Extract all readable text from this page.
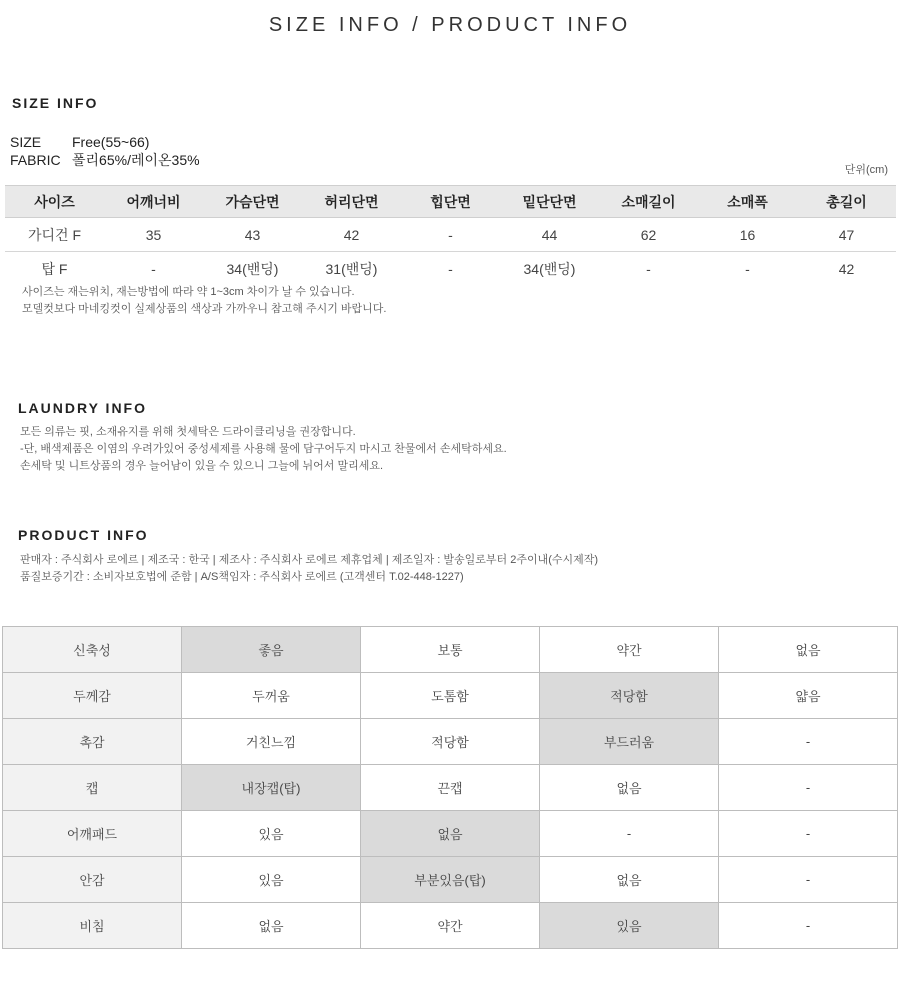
SIZE INFO / PRODUCT INFO
SIZE INFO
SIZE Free(55~66)
FABRIC 폴리65%/레이온35%
단위(cm)
사이즈	어깨너비	가슴단면	허리단면	힙단면	밑단단면	소매길이	소매폭	총길이
가디건 F	35	43	42	-	44	62	16	47
탑 F	-	34(밴딩)	31(밴딩)	-	34(밴딩)	-	-	42
사이즈는 재는위치, 재는방법에 따라 약 1~3cm 차이가 날 수 있습니다.
모델컷보다 마네킹컷이 실제상품의 색상과 가까우니 참고해 주시기 바랍니다.
LAUNDRY INFO
모든 의류는 핏, 소재유지를 위해 첫세탁은 드라이클리닝을 권장합니다.
-단, 배색제품은 이염의 우려가있어 중성세제를 사용해 물에 담구어두지 마시고 찬물에서 손세탁하세요.
손세탁 및 니트상품의 경우 늘어남이 있을 수 있으니 그늘에 뉘어서 말리세요.
PRODUCT INFO
판매자 : 주식회사 로에르 | 제조국 : 한국 | 제조사 : 주식회사 로에르 제휴업체 | 제조일자 : 발송일로부터 2주이내(수시제작)
품질보증기간 : 소비자보호법에 준함 | A/S책임자 : 주식회사 로에르 (고객센터 T.02-448-1227)
신축성	좋음	보통	약간	없음
두께감	두꺼움	도톰함	적당함	얇음
촉감	거친느낌	적당함	부드러움	-
캡	내장캡(탑)	끈캡	없음	-
어깨패드	있음	없음	-	-
안감	있음	부분있음(탑)	없음	-
비침	없음	약간	있음	-
